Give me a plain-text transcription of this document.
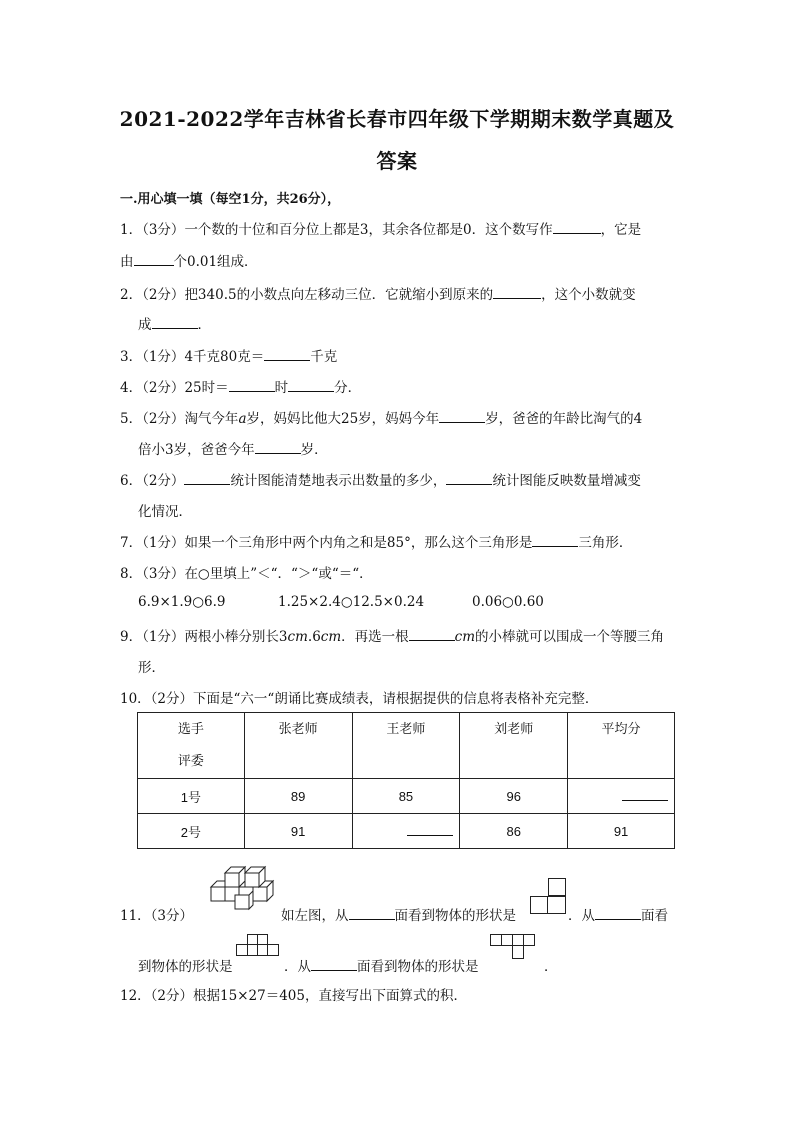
2021-2022学年吉林省长春市四年级下学期期末数学真题及
答案
一.用心填一填（每空1分，共26分），
1．（3分）一个数的十位和百分位上都是3，其余各位都是0．这个数写作	，它是
由	个0.01组成．
2．（2分）把340.5的小数点向左移动三位．它就缩小到原来的	，这个小数就变
成	．
3．（1分）4千克80克＝	千克
4．（2分）25时＝	时	分．
5．（2分）淘气今年a岁，妈妈比他大25岁，妈妈今年	岁，爸爸的年龄比淘气的4
倍小3岁，爸爸今年	岁．
6．（2分）	统计图能清楚地表示出数量的多少，	统计图能反映数量增减变
化情况．
7．（1分）如果一个三角形中两个内角之和是85°，那么这个三角形是	三角形．
8．（3分）在○里填上”＜“．“＞“或“＝“．
6.9×1.9○6.9	1.25×2.4○12.5×0.24	0.06○0.60
9．（1分）两根小棒分别长3cm.6cm．再选一根	cm的小棒就可以围成一个等腰三角
形．
10．（2分）下面是“六一“朗诵比赛成绩表，请根据提供的信息将表格补充完整．
选手
评委	张老师	王老师	刘老师	平均分

1号	89	85	96	
2号	91		86	91
11．（3分）	如左图，从	面看到物体的形状是	．从	面看
到物体的形状是	．从	面看到物体的形状是	．
12．（2分）根据15×27＝405，直接写出下面算式的积．
